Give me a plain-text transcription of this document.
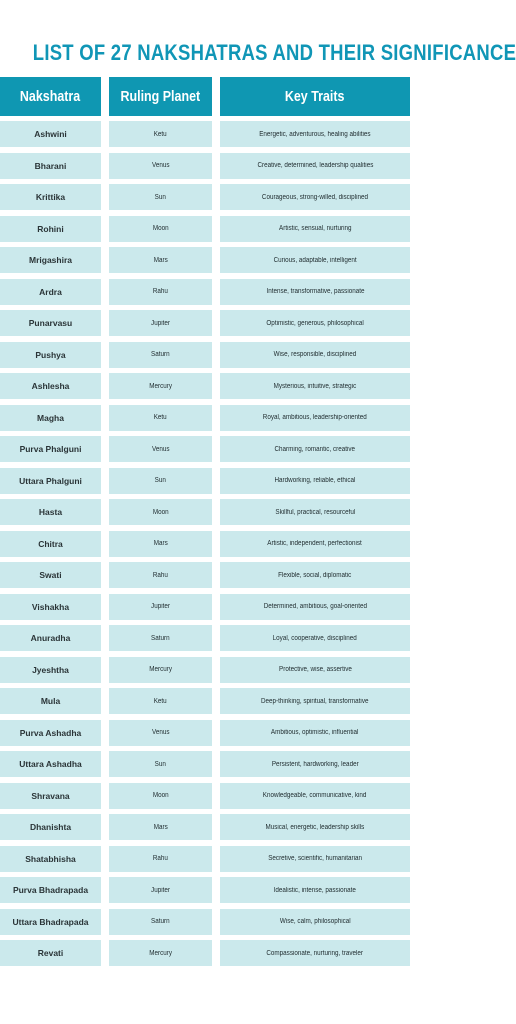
LIST OF 27 NAKSHATRAS AND THEIR SIGNIFICANCE
Nakshatra	Ruling Planet	Key Traits
Ashwini	Ketu	Energetic, adventurous, healing abilities
Bharani	Venus	Creative, determined, leadership qualities
Krittika	Sun	Courageous, strong-willed, disciplined
Rohini	Moon	Artistic, sensual, nurturing
Mrigashira	Mars	Curious, adaptable, intelligent
Ardra	Rahu	Intense, transformative, passionate
Punarvasu	Jupiter	Optimistic, generous, philosophical
Pushya	Saturn	Wise, responsible, disciplined
Ashlesha	Mercury	Mysterious, intuitive, strategic
Magha	Ketu	Royal, ambitious, leadership-oriented
Purva Phalguni	Venus	Charming, romantic, creative
Uttara Phalguni	Sun	Hardworking, reliable, ethical
Hasta	Moon	Skillful, practical, resourceful
Chitra	Mars	Artistic, independent, perfectionist
Swati	Rahu	Flexible, social, diplomatic
Vishakha	Jupiter	Determined, ambitious, goal-oriented
Anuradha	Saturn	Loyal, cooperative, disciplined
Jyeshtha	Mercury	Protective, wise, assertive
Mula	Ketu	Deep-thinking, spiritual, transformative
Purva Ashadha	Venus	Ambitious, optimistic, influential
Uttara Ashadha	Sun	Persistent, hardworking, leader
Shravana	Moon	Knowledgeable, communicative, kind
Dhanishta	Mars	Musical, energetic, leadership skills
Shatabhisha	Rahu	Secretive, scientific, humanitarian
Purva Bhadrapada	Jupiter	Idealistic, intense, passionate
Uttara Bhadrapada	Saturn	Wise, calm, philosophical
Revati	Mercury	Compassionate, nurturing, traveler
